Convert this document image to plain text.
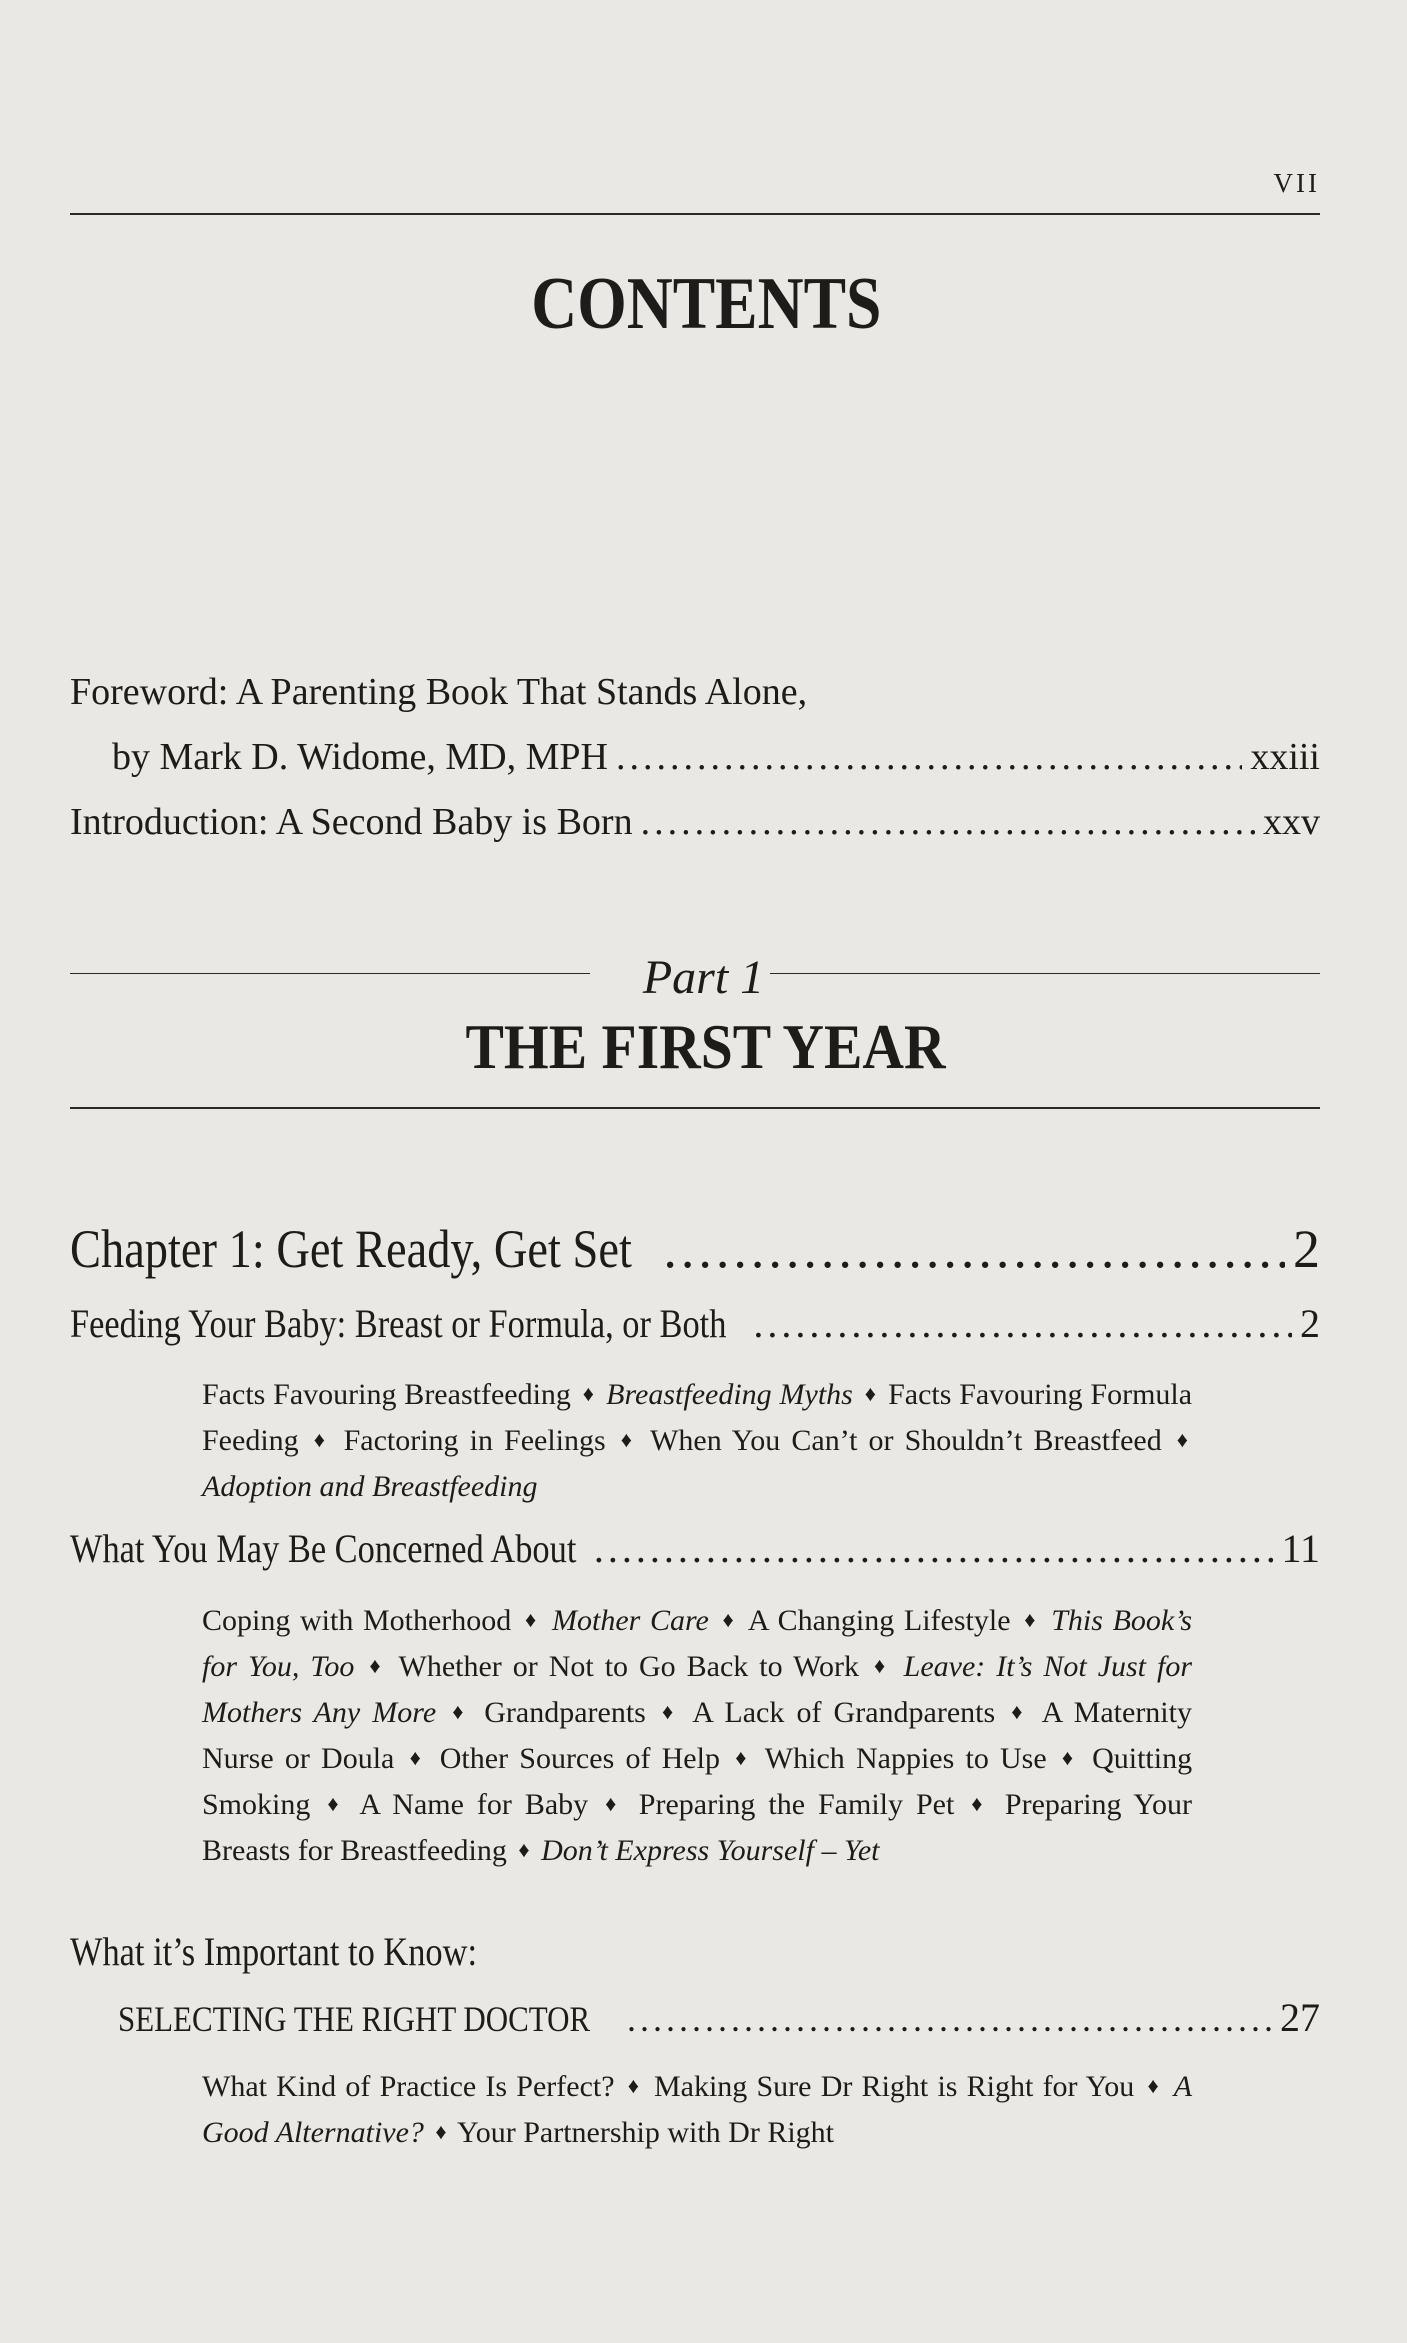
VII
CONTENTS
Foreword: A Parenting Book That Stands Alone,
by Mark D. Widome, MD, MPH .....	xxiii
Introduction: A Second Baby is Born .....	xxv
Part 1
THE FIRST YEAR
Chapter 1: Get Ready, Get Set .....	2
Feeding Your Baby: Breast or Formula, or Both .....	2
Facts Favouring Breastfeeding ♦ Breastfeeding Myths ♦ Facts Favouring Formula Feeding ♦ Factoring in Feelings ♦ When You Can’t or Shouldn’t Breastfeed ♦ Adoption and Breastfeeding
What You May Be Concerned About .....	11
Coping with Motherhood ♦ Mother Care ♦ A Changing Lifestyle ♦ This Book’s for You, Too ♦ Whether or Not to Go Back to Work ♦ Leave: It’s Not Just for Mothers Any More ♦ Grandparents ♦ A Lack of Grandparents ♦ A Maternity Nurse or Doula ♦ Other Sources of Help ♦ Which Nappies to Use ♦ Quitting Smoking ♦ A Name for Baby ♦ Preparing the Family Pet ♦ Preparing Your Breasts for Breastfeeding ♦ Don’t Express Yourself – Yet
What it’s Important to Know:
SELECTING THE RIGHT DOCTOR .....	27
What Kind of Practice Is Perfect? ♦ Making Sure Dr Right is Right for You ♦ A Good Alternative? ♦ Your Partnership with Dr Right
